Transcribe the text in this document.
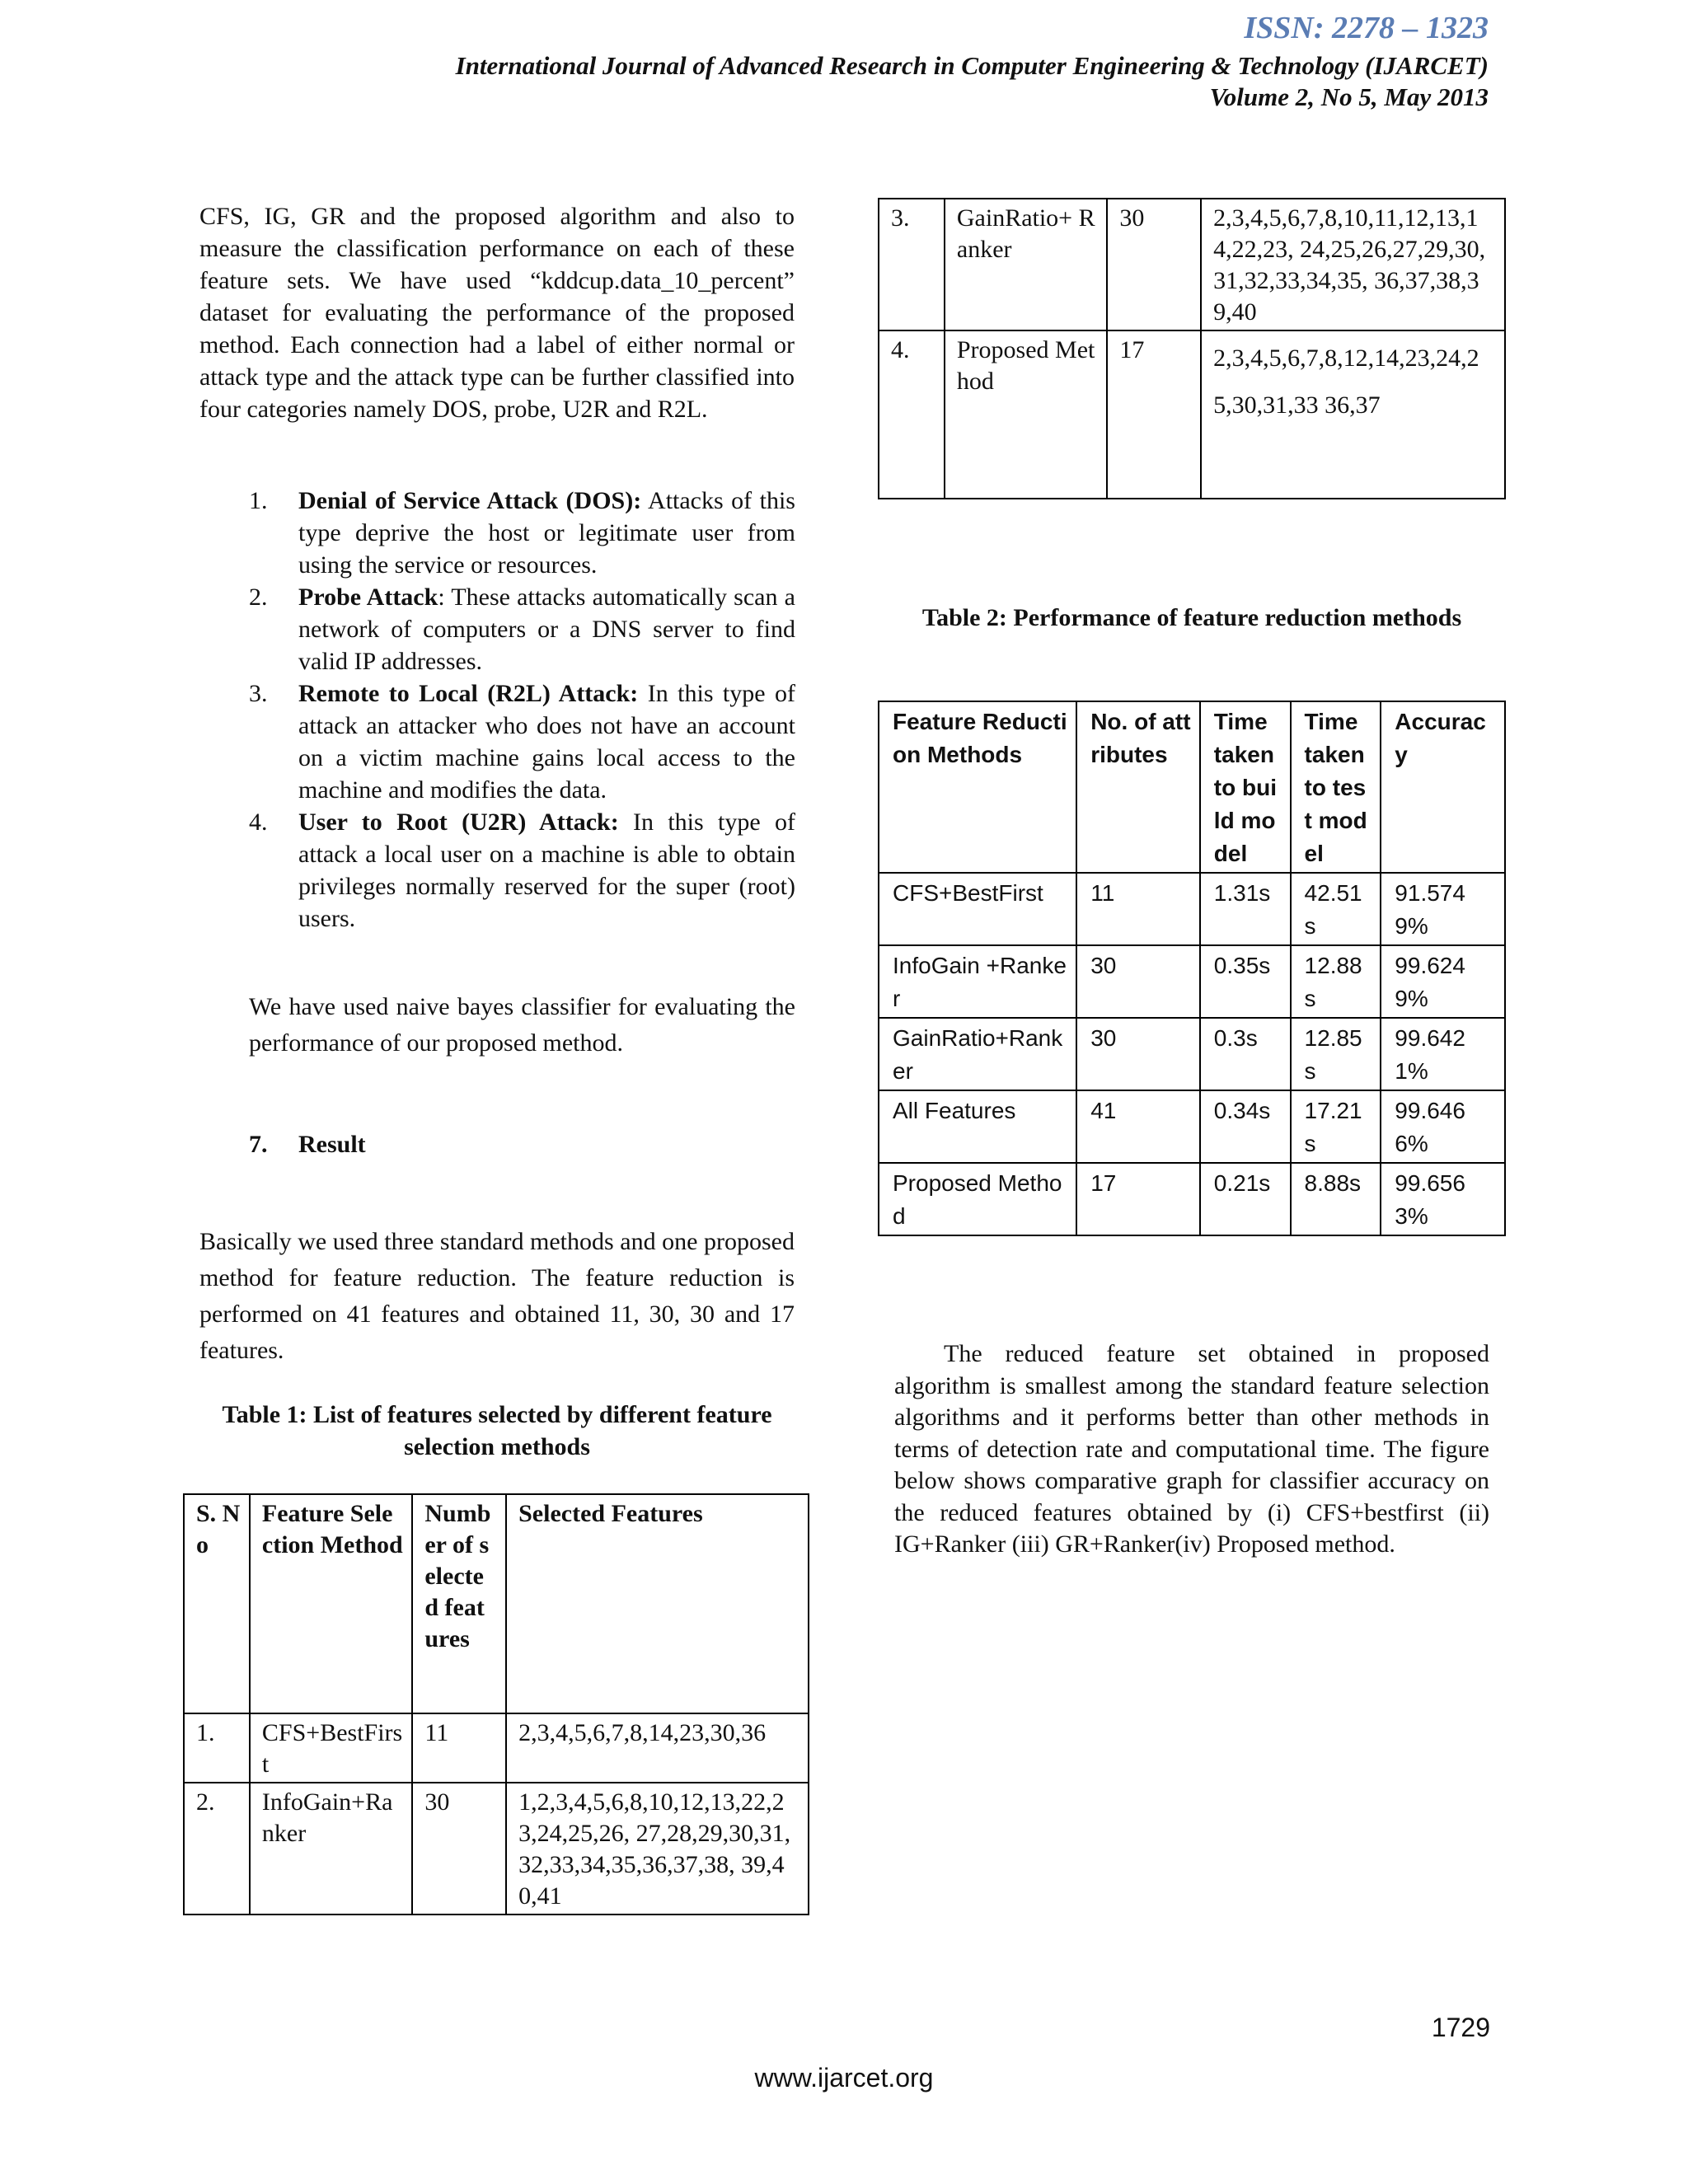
ISSN: 2278 – 1323
International Journal of Advanced Research in Computer Engineering & Technology (IJARCET)
Volume 2, No 5, May 2013
CFS, IG, GR and the proposed algorithm and also to measure the classification performance on each of these feature sets. We have used “kddcup.data_10_percent” dataset for evaluating the performance of the proposed method. Each connection had a label of either normal or attack type and the attack type can be further classified into four categories namely DOS, probe, U2R and R2L.
1. Denial of Service Attack (DOS): Attacks of this type deprive the host or legitimate user from using the service or resources.
2. Probe Attack: These attacks automatically scan a network of computers or a DNS server to find valid IP addresses.
3. Remote to Local (R2L) Attack: In this type of attack an attacker who does not have an account on a victim machine gains local access to the machine and modifies the data.
4. User to Root (U2R) Attack: In this type of attack a local user on a machine is able to obtain privileges normally reserved for the super (root) users.
We have used naive bayes classifier for evaluating the performance of our proposed method.
7. Result
Basically we used three standard methods and one proposed method for feature reduction. The feature reduction is performed on 41 features and obtained 11, 30, 30 and 17 features.
Table 1: List of features selected by different feature selection methods
S. No	Feature Selection Method	Number of selected features	Selected Features
1.	CFS+BestFirst	11	2,3,4,5,6,7,8,14,23,30,36
2.	InfoGain+Ranker	30	1,2,3,4,5,6,8,10,12,13,22,23,24,25,26, 27,28,29,30,31,32,33,34,35,36,37,38, 39,40,41
3.	GainRatio+ Ranker	30	2,3,4,5,6,7,8,10,11,12,13,14,22,23, 24,25,26,27,29,30,31,32,33,34,35, 36,37,38,39,40
4.	Proposed Method	17	2,3,4,5,6,7,8,12,14,23,24,25,30,31,33 36,37
Table 2: Performance of feature reduction methods
Feature Reduction Methods	No. of attributes	Time taken to build model	Time taken to test model	Accuracy
CFS+BestFirst	11	1.31s	42.51s	91.5749%
InfoGain +Ranker	30	0.35s	12.88s	99.6249%
GainRatio+Ranker	30	0.3s	12.85s	99.6421%
All Features	41	0.34s	17.21s	99.6466%
Proposed Method	17	0.21s	8.88s	99.6563%
The reduced feature set obtained in proposed algorithm is smallest among the standard feature selection algorithms and it performs better than other methods in terms of detection rate and computational time. The figure below shows comparative graph for classifier accuracy on the reduced features obtained by (i) CFS+bestfirst (ii) IG+Ranker (iii) GR+Ranker(iv) Proposed method.
1729
www.ijarcet.org
